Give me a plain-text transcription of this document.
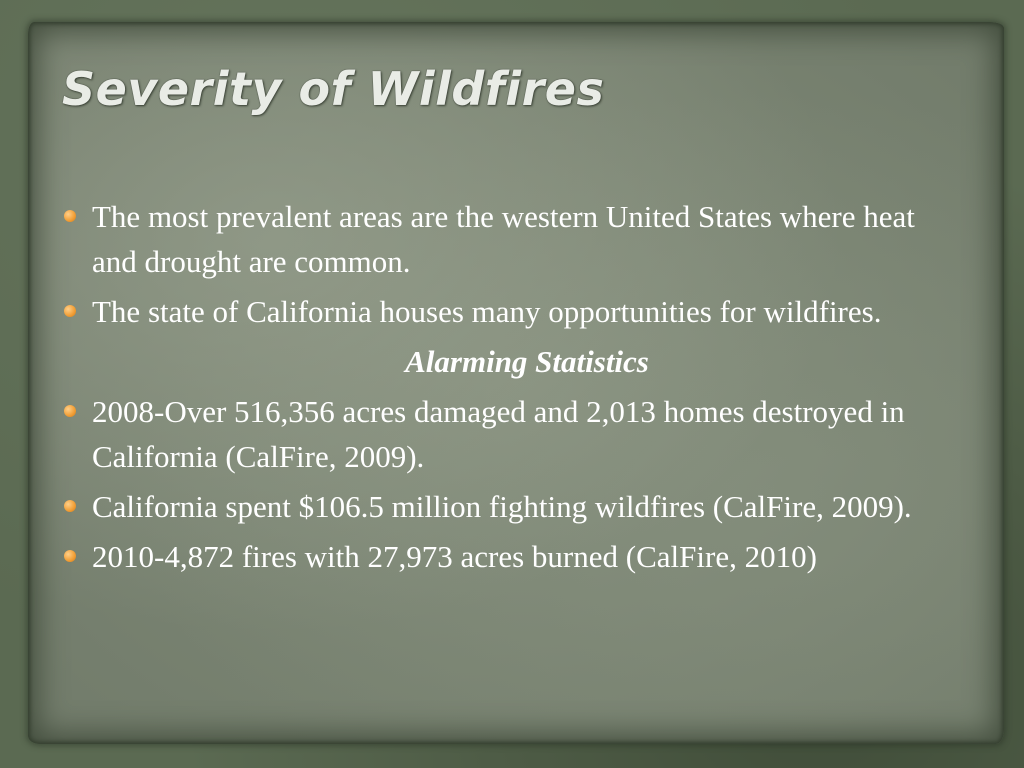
Severity of Wildfires
The most prevalent areas are the western United States where heat and drought are common.
The state of California houses many opportunities for wildfires.
Alarming Statistics
2008-Over 516,356 acres damaged and 2,013 homes destroyed in California (CalFire, 2009).
California spent $106.5 million fighting wildfires (CalFire, 2009).
2010-4,872 fires with 27,973 acres burned (CalFire, 2010)
